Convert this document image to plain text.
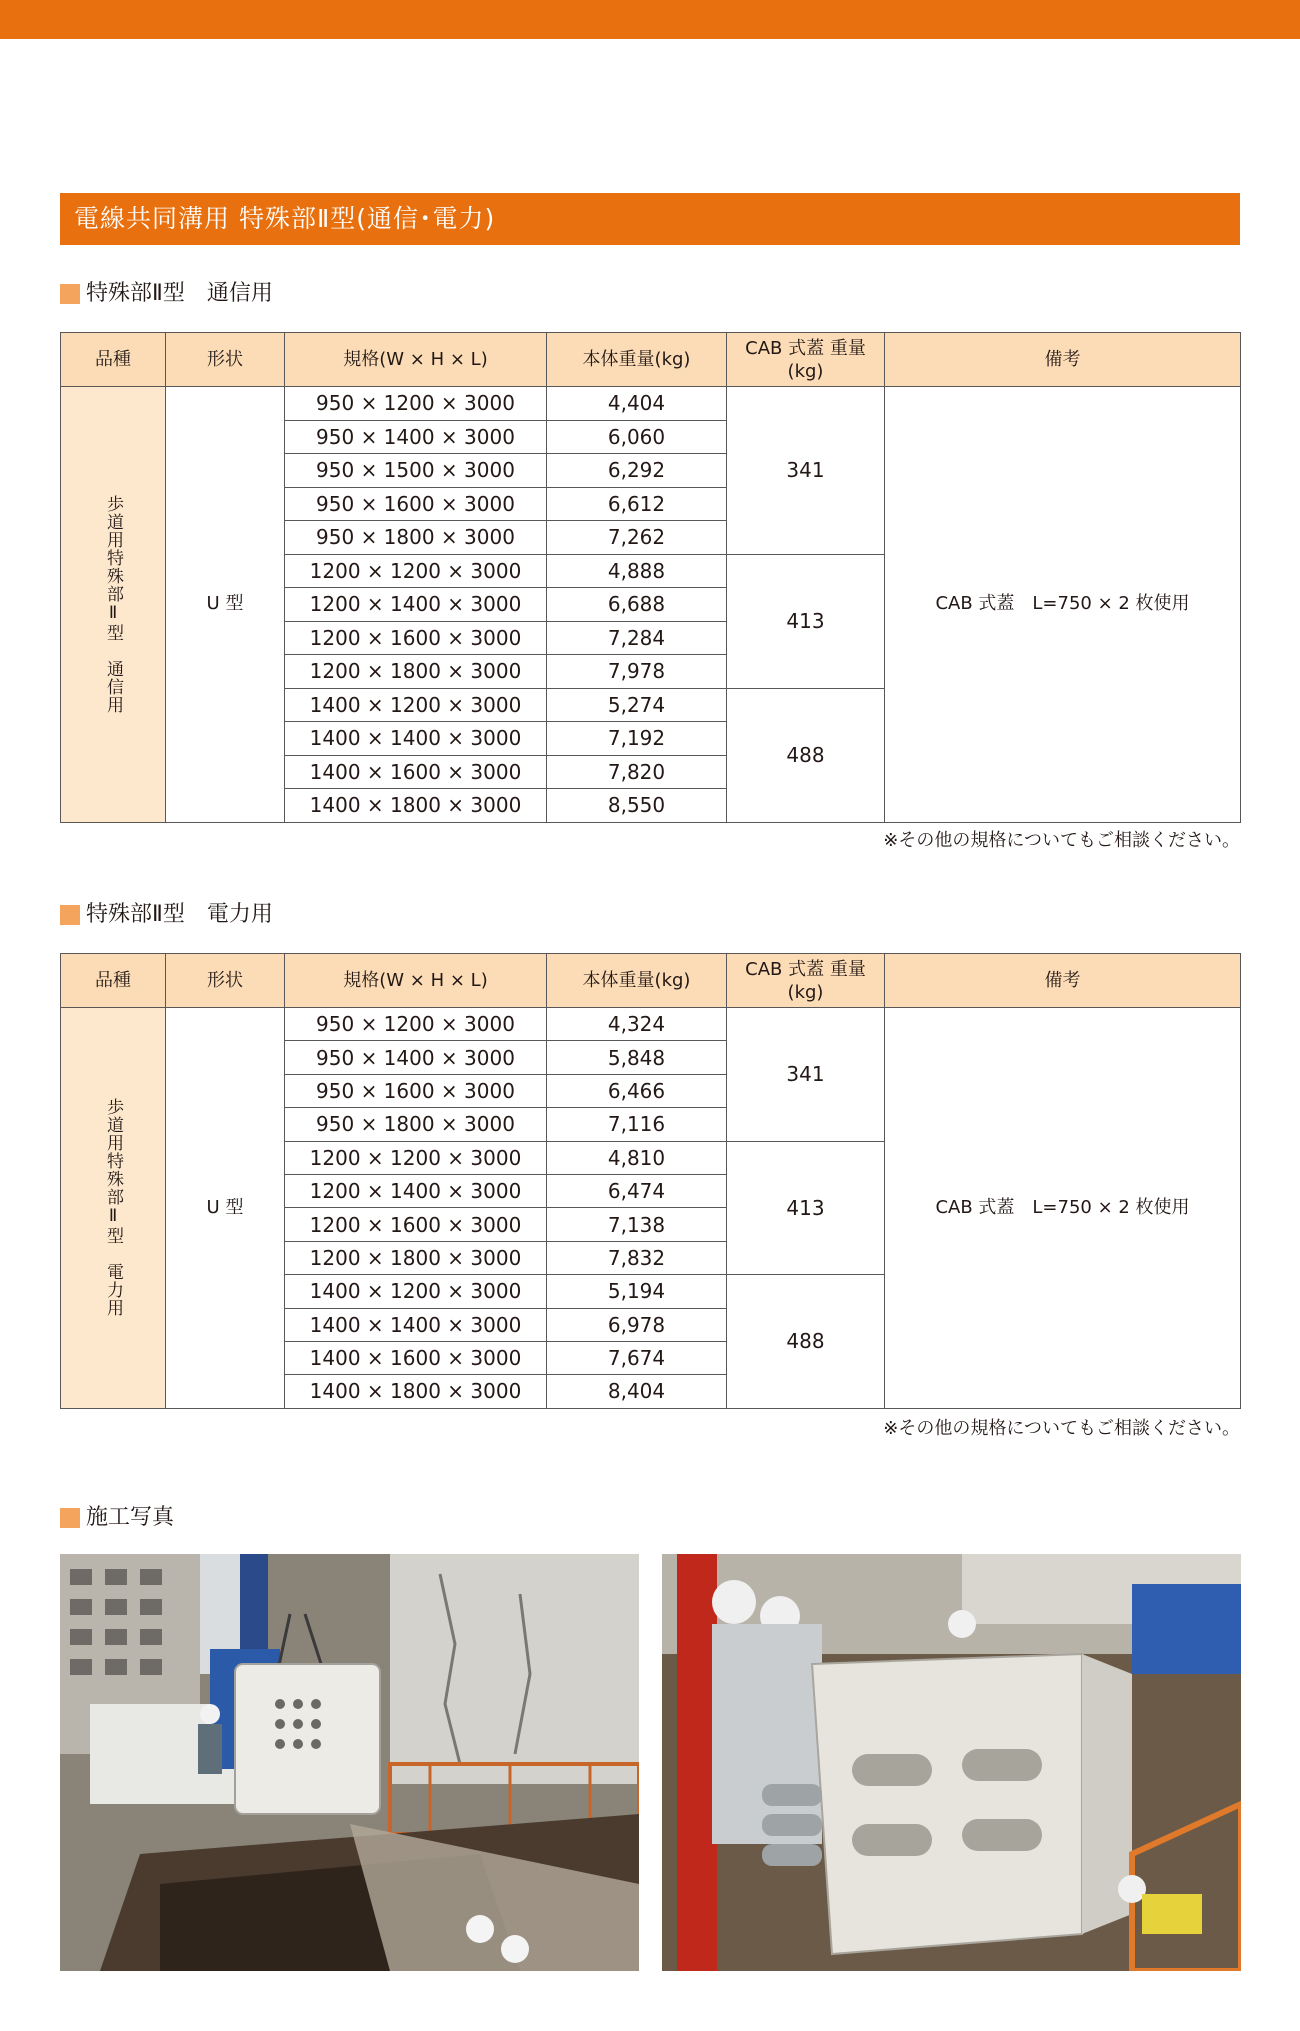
電線共同溝用 特殊部Ⅱ型(通信･電力)
特殊部Ⅱ型　通信用
品種	形状	規格(W × H × L)	本体重量(kg)	CAB 式蓋 重量
(kg)	備考
歩道用特殊部Ⅱ型　通信用	U 型	950 × 1200 × 3000	4,404	341	CAB 式蓋　L=750 × 2 枚使用
		950 × 1400 × 3000	6,060		
		950 × 1500 × 3000	6,292		
		950 × 1600 × 3000	6,612		
		950 × 1800 × 3000	7,262		
		1200 × 1200 × 3000	4,888	413	
		1200 × 1400 × 3000	6,688		
		1200 × 1600 × 3000	7,284		
		1200 × 1800 × 3000	7,978		
		1400 × 1200 × 3000	5,274	488	
		1400 × 1400 × 3000	7,192		
		1400 × 1600 × 3000	7,820		
		1400 × 1800 × 3000	8,550		
※その他の規格についてもご相談ください。
特殊部Ⅱ型　電力用
品種	形状	規格(W × H × L)	本体重量(kg)	CAB 式蓋 重量
(kg)	備考
歩道用特殊部Ⅱ型　電力用	U 型	950 × 1200 × 3000	4,324	341	CAB 式蓋　L=750 × 2 枚使用
		950 × 1400 × 3000	5,848		
		950 × 1600 × 3000	6,466		
		950 × 1800 × 3000	7,116		
		1200 × 1200 × 3000	4,810	413	
		1200 × 1400 × 3000	6,474		
		1200 × 1600 × 3000	7,138		
		1200 × 1800 × 3000	7,832		
		1400 × 1200 × 3000	5,194	488	
		1400 × 1400 × 3000	6,978		
		1400 × 1600 × 3000	7,674		
		1400 × 1800 × 3000	8,404		
※その他の規格についてもご相談ください。
施工写真
